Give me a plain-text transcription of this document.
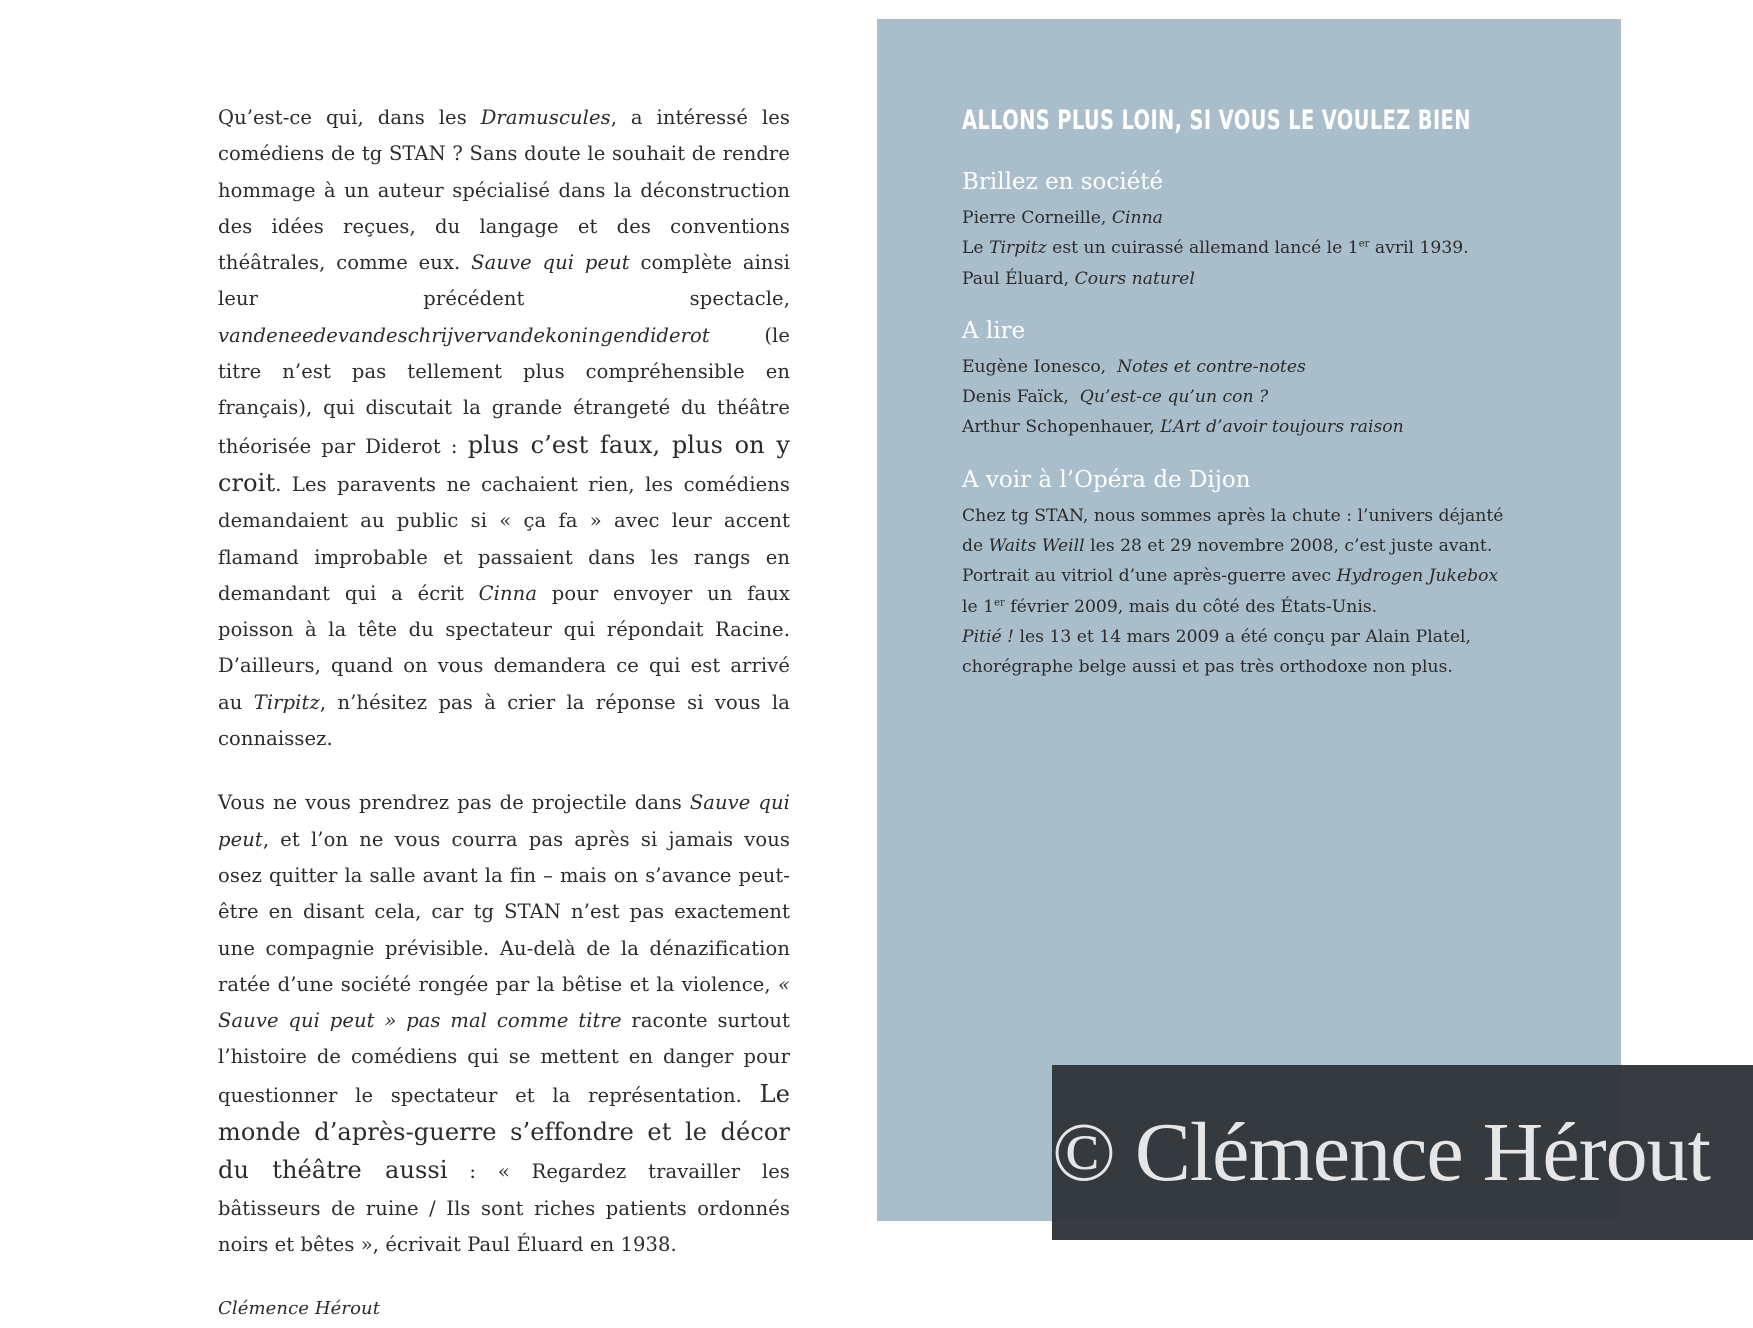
Qu’est-ce qui, dans les Dramuscules, a intéressé les comédiens de tg STAN ? Sans doute le souhait de rendre hommage à un auteur spécialisé dans la déconstruction des idées reçues, du langage et des conventions théâtrales, comme eux. Sauve qui peut complète ainsi leur précédent spectacle, vandeneedevandeschrijvervandekoningendiderot (le titre n’est pas tellement plus compréhensible en français), qui discutait la grande étrangeté du théâtre théorisée par Diderot : plus c’est faux, plus on y croit. Les paravents ne cachaient rien, les comédiens demandaient au public si « ça fa » avec leur accent flamand improbable et passaient dans les rangs en demandant qui a écrit Cinna pour envoyer un faux poisson à la tête du spectateur qui répondait Racine. D’ailleurs, quand on vous demandera ce qui est arrivé au Tirpitz, n’hésitez pas à crier la réponse si vous la connaissez.

Vous ne vous prendrez pas de projectile dans Sauve qui peut, et l’on ne vous courra pas après si jamais vous osez quitter la salle avant la fin – mais on s’avance peut-être en disant cela, car tg STAN n’est pas exactement une compagnie prévisible. Au-delà de la dénazification ratée d’une société rongée par la bêtise et la violence, « Sauve qui peut » pas mal comme titre raconte surtout l’histoire de comédiens qui se mettent en danger pour questionner le spectateur et la représentation. Le monde d’après-guerre s’effondre et le décor du théâtre aussi : « Regardez travailler les bâtisseurs de ruine / Ils sont riches patients ordonnés noirs et bêtes », écrivait Paul Éluard en 1938.

Clémence Hérout
ALLONS PLUS LOIN, SI VOUS LE VOULEZ BIEN
Brillez en société
Pierre Corneille, Cinna
Le Tirpitz est un cuirassé allemand lancé le 1er avril 1939.
Paul Éluard, Cours naturel
A lire
Eugène Ionesco,  Notes et contre-notes
Denis Faïck,  Qu’est-ce qu’un con ?
Arthur Schopenhauer, L’Art d’avoir toujours raison
A voir à l’Opéra de Dijon
Chez tg STAN, nous sommes après la chute : l’univers déjanté
de Waits Weill les 28 et 29 novembre 2008, c’est juste avant.
Portrait au vitriol d’une après-guerre avec Hydrogen Jukebox
le 1er février 2009, mais du côté des États-Unis.
Pitié ! les 13 et 14 mars 2009 a été conçu par Alain Platel,
chorégraphe belge aussi et pas très orthodoxe non plus.
© Clémence Hérout
